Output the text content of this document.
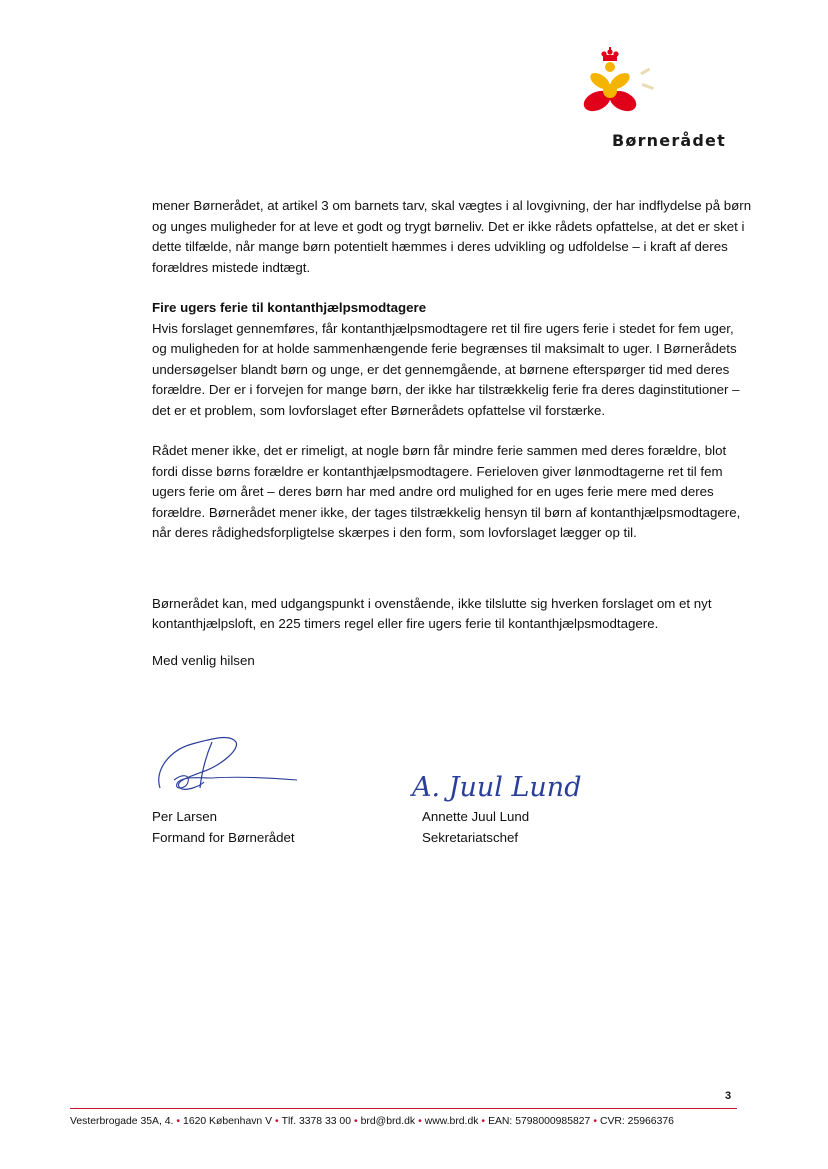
Børnerådet

mener Børnerådet, at artikel 3 om barnets tarv, skal vægtes i al lovgivning, der har indflydelse på børn og unges muligheder for at leve et godt og trygt børneliv. Det er ikke rådets opfattelse, at det er sket i dette tilfælde, når mange børn potentielt hæmmes i deres udvikling og udfoldelse – i kraft af deres forældres mistede indtægt.

Fire ugers ferie til kontanthjælpsmodtagere

Hvis forslaget gennemføres, får kontanthjælpsmodtagere ret til fire ugers ferie i stedet for fem uger, og muligheden for at holde sammenhængende ferie begrænses til maksimalt to uger. I Børnerådets undersøgelser blandt børn og unge, er det gennemgående, at børnene efterspørger tid med deres forældre. Der er i forvejen for mange børn, der ikke har tilstrækkelig ferie fra deres daginstitutioner – det er et problem, som lovforslaget efter Børnerådets opfattelse vil forstærke.

Rådet mener ikke, det er rimeligt, at nogle børn får mindre ferie sammen med deres forældre, blot fordi disse børns forældre er kontanthjælpsmodtagere. Ferieloven giver lønmodtagerne ret til fem ugers ferie om året – deres børn har med andre ord mulighed for en uges ferie mere med deres forældre. Børnerådet mener ikke, der tages tilstrækkelig hensyn til børn af kontanthjælpsmodtagere, når deres rådighedsforpligtelse skærpes i den form, som lovforslaget lægger op til.

Børnerådet kan, med udgangspunkt i ovenstående, ikke tilslutte sig hverken forslaget om et nyt kontanthjælpsloft, en 225 timers regel eller fire ugers ferie til kontanthjælpsmodtagere.

Med venlig hilsen

A. Juul Lund
Per Larsen
Formand for Børnerådet
Annette Juul Lund
Sekretariatschef
3
Vesterbrogade 35A, 4. • 1620 København V • Tlf. 3378 33 00 • brd@brd.dk • www.brd.dk • EAN: 5798000985827 • CVR: 25966376
